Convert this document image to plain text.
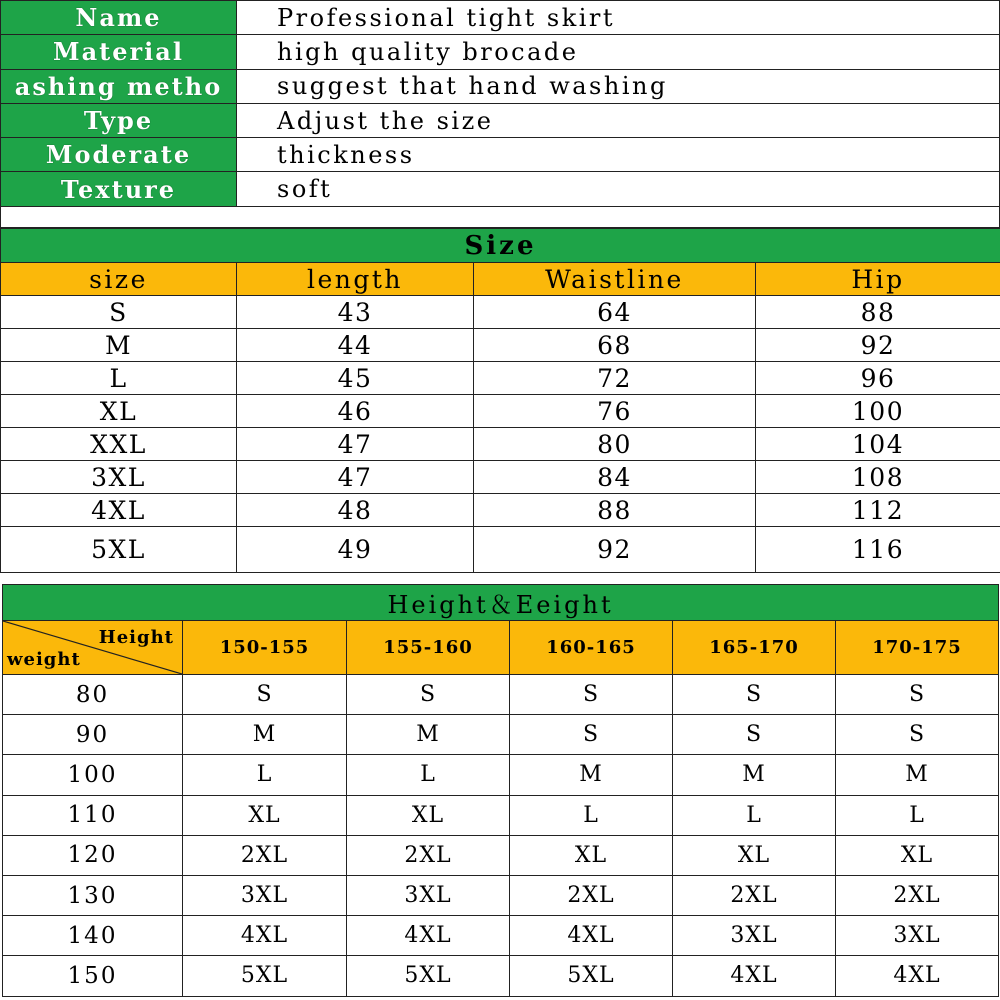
Name	Professional tight skirt
Material	high quality brocade
ashing metho	suggest that hand washing
Type	Adjust the size
Moderate	thickness
Texture	soft

Size			
size	length	Waistline	Hip
S	43	64	88
M	44	68	92
L	45	72	96
XL	46	76	100
XXL	47	80	104
3XL	47	84	108
4XL	48	88	112
5XL	49	92	116
Height＆Eeight					

Height
weight	150-155	155-160	160-165	165-170	170-175
80	S	S	S	S	S
90	M	M	S	S	S
100	L	L	M	M	M
110	XL	XL	L	L	L
120	2XL	2XL	XL	XL	XL
130	3XL	3XL	2XL	2XL	2XL
140	4XL	4XL	4XL	3XL	3XL
150	5XL	5XL	5XL	4XL	4XL
